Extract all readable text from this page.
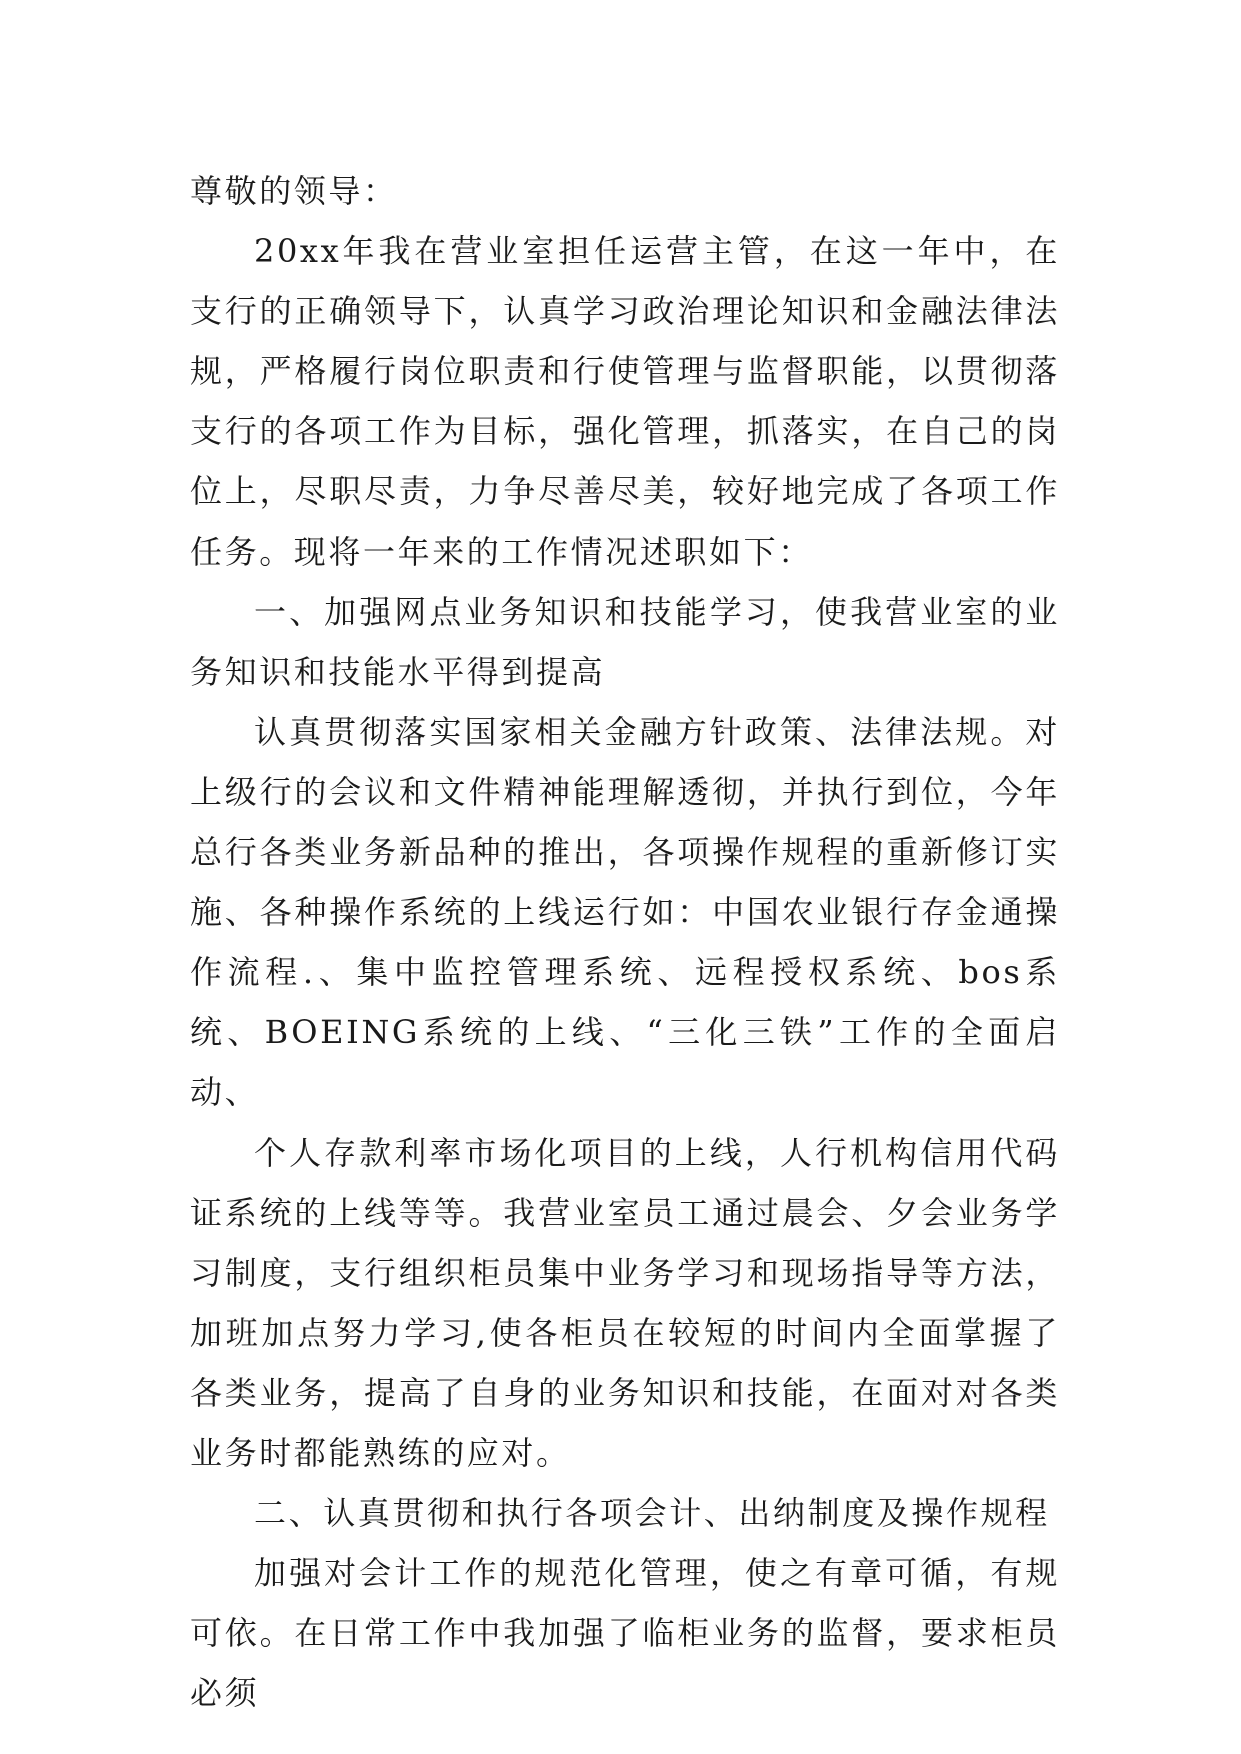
尊敬的领导：

20xx年我在营业室担任运营主管，在这一年中，在支行的正确领导下，认真学习政治理论知识和金融法律法规，严格履行岗位职责和行使管理与监督职能，以贯彻落支行的各项工作为目标，强化管理，抓落实，在自己的岗位上，尽职尽责，力争尽善尽美，较好地完成了各项工作任务。现将一年来的工作情况述职如下：

一、加强网点业务知识和技能学习，使我营业室的业务知识和技能水平得到提高

认真贯彻落实国家相关金融方针政策、法律法规。对上级行的会议和文件精神能理解透彻，并执行到位，今年总行各类业务新品种的推出，各项操作规程的重新修订实施、各种操作系统的上线运行如：中国农业银行存金通操作流程.、集中监控管理系统、远程授权系统、bos系统、BOEING系统的上线、“三化三铁”工作的全面启动、

个人存款利率市场化项目的上线，人行机构信用代码证系统的上线等等。我营业室员工通过晨会、夕会业务学习制度，支行组织柜员集中业务学习和现场指导等方法，加班加点努力学习,使各柜员在较短的时间内全面掌握了各类业务，提高了自身的业务知识和技能，在面对对各类业务时都能熟练的应对。

二、认真贯彻和执行各项会计、出纳制度及操作规程

加强对会计工作的规范化管理，使之有章可循，有规可依。在日常工作中我加强了临柜业务的监督，要求柜员必须
